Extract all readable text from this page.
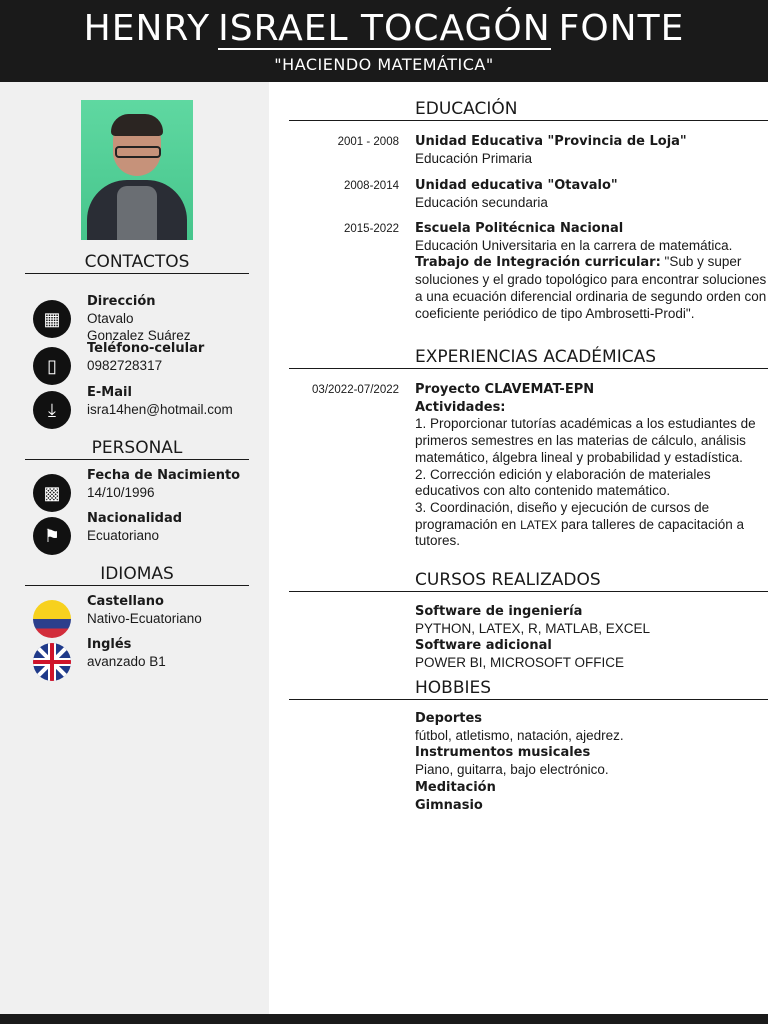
HENRY ISRAEL TOCAGÓN FONTE
"HACIENDO MATEMÁTICA"
CONTACTOS
▦
Dirección
Otavalo
Gonzalez Suárez
▯
Teléfono-celular
0982728317
⤓
E-Mail
isra14hen@hotmail.com
PERSONAL
▩
Fecha de Nacimiento
14/10/1996
⚑
Nacionalidad
Ecuatoriano
IDIOMAS
Castellano
Nativo-Ecuatoriano
Inglés
avanzado B1
EDUCACIÓN
2001 - 2008 Unidad Educativa "Provincia de Loja"
Educación Primaria
2008-2014 Unidad educativa "Otavalo"
Educación secundaria
2015-2022 Escuela Politécnica Nacional
Educación Universitaria en la carrera de matemática.
Trabajo de Integración curricular: "Sub y super soluciones y el grado topológico para encontrar soluciones a una ecuación diferencial ordinaria de segundo orden con coeficiente periódico de tipo Ambrosetti-Prodi".
EXPERIENCIAS ACADÉMICAS
03/2022-07/2022 Proyecto CLAVEMAT-EPN
Actividades:
1. Proporcionar tutorías académicas a los estudiantes de primeros semestres en las materias de cálculo, análisis matemático, álgebra lineal y probabilidad y estadística.
2. Corrección edición y elaboración de materiales educativos con alto contenido matemático.
3. Coordinación, diseño y ejecución de cursos de programación en LATEX para talleres de capacitación a tutores.
CURSOS REALIZADOS
Software de ingeniería
PYTHON, LATEX, R, MATLAB, EXCEL
Software adicional
POWER BI, MICROSOFT OFFICE
HOBBIES
Deportes
fútbol, atletismo, natación, ajedrez.
Instrumentos musicales
Piano, guitarra, bajo electrónico.
Meditación
Gimnasio
